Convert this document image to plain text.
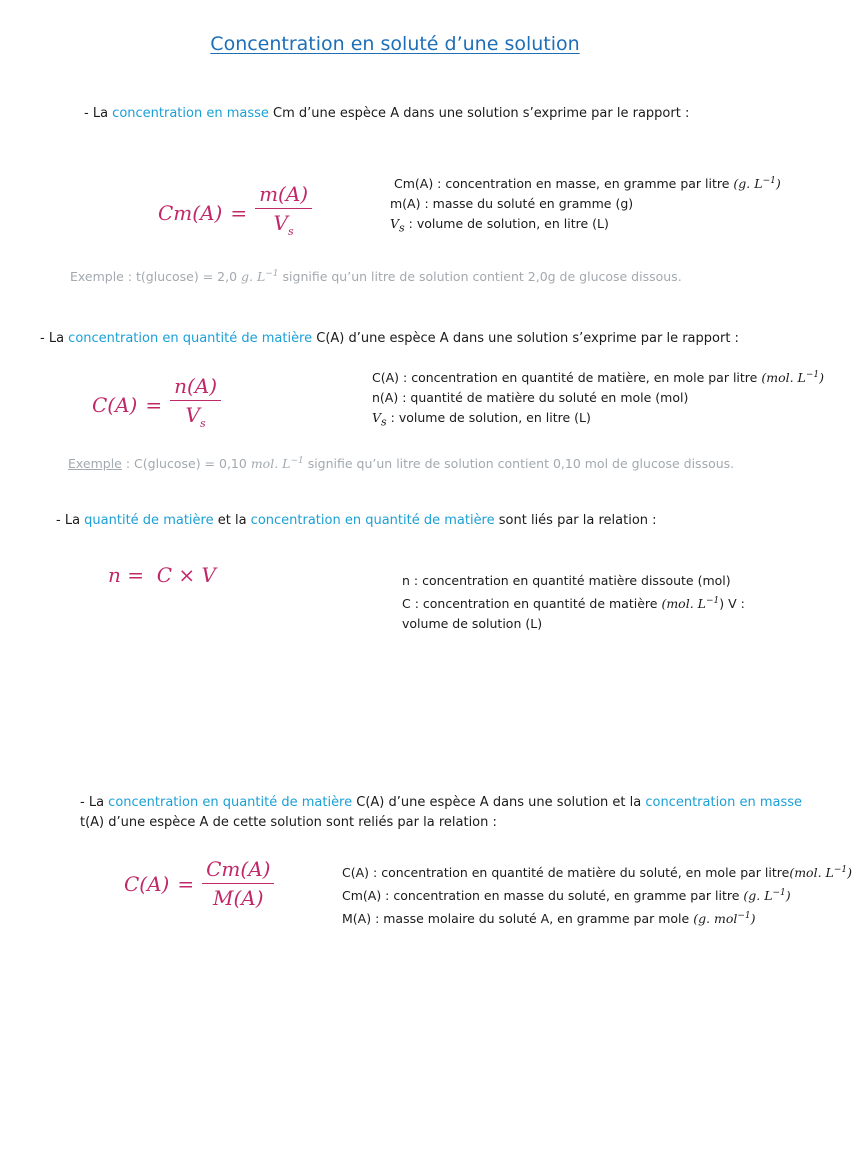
Concentration en soluté d’une solution
- La concentration en masse Cm d’une espèce A dans une solution s’exprime par le rapport :
$Cm(A) = \frac{m(A)}{V_s}$	Cm(A) : concentration en masse, en gramme par litre (g. $L^{-1}$)
m(A) : masse du soluté en gramme (g)
$V_s$ : volume de solution, en litre (L)
Exemple : t(glucose) = 2,0 g. $L^{-1}$ signifie qu’un litre de solution contient 2,0g de glucose dissous.
- La concentration en quantité de matière C(A) d’une espèce A dans une solution s’exprime par le rapport :
$C(A) = \frac{n(A)}{V_s}$	C(A) : concentration en quantité de matière, en mole par litre (mol. $L^{-1}$)
n(A) : quantité de matière du soluté en mole (mol)
$V_s$ : volume de solution, en litre (L)
Exemple : C(glucose) = 0,10 mol. $L^{-1}$ signifie qu’un litre de solution contient 0,10 mol de glucose dissous.
- La quantité de matière et la concentration en quantité de matière sont liés par la relation :
n =  C × V	n : concentration en quantité matière dissoute (mol)
C : concentration en quantité de matière (mol. $L^{-1}$) V :
volume de solution (L)
- La concentration en quantité de matière C(A) d’une espèce A dans une solution et la concentration en masse
t(A) d’une espèce A de cette solution sont reliés par la relation :
$C(A) = \frac{Cm(A)}{M(A)}$	C(A) : concentration en quantité de matière du soluté, en mole par litre(mol. $L^{-1}$)
Cm(A) : concentration en masse du soluté, en gramme par litre (g. $L^{-1}$)
M(A) : masse molaire du soluté A, en gramme par mole (g. mol$^{-1}$)
